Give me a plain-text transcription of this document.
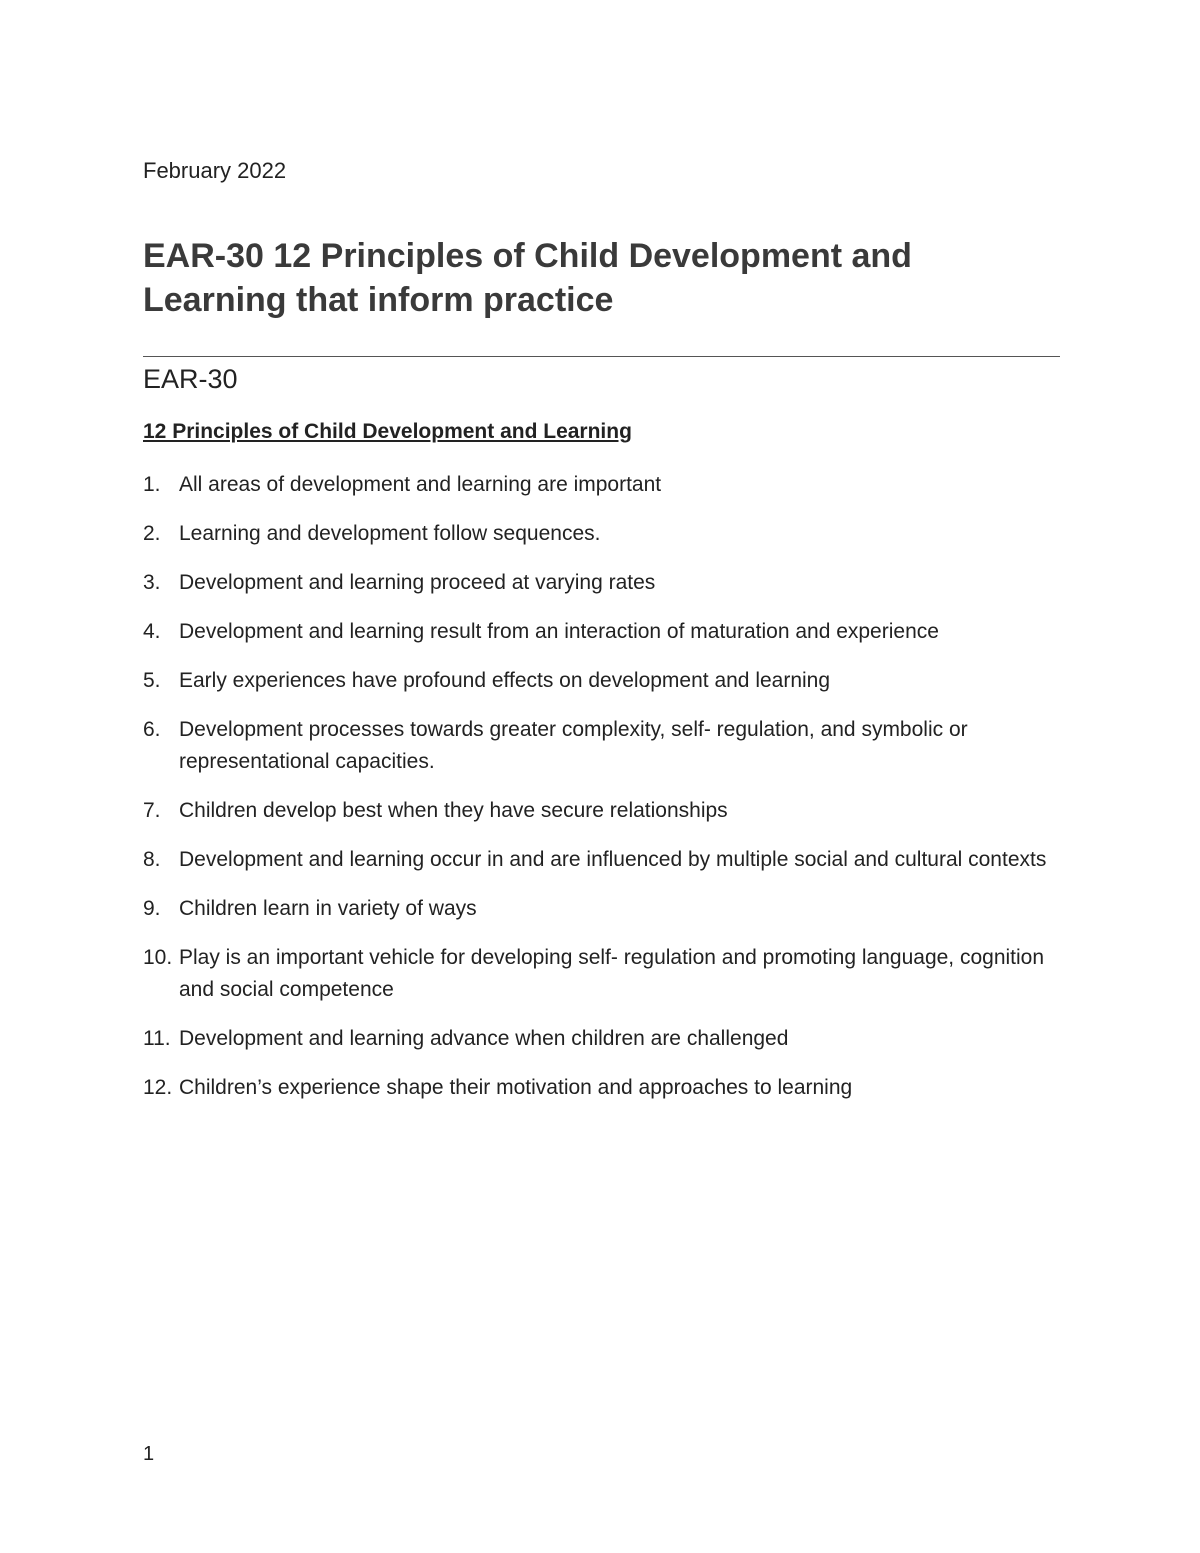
February 2022
EAR-30 12 Principles of Child Development and Learning that inform practice
EAR-30
12 Principles of Child Development and Learning
1. All areas of development and learning are important
2. Learning and development follow sequences.
3. Development and learning proceed at varying rates
4. Development and learning result from an interaction of maturation and experience
5. Early experiences have profound effects on development and learning
6. Development processes towards greater complexity, self- regulation, and symbolic or representational capacities.
7. Children develop best when they have secure relationships
8. Development and learning occur in and are influenced by multiple social and cultural contexts
9. Children learn in variety of ways
10. Play is an important vehicle for developing self- regulation and promoting language, cognition and social competence
11. Development and learning advance when children are challenged
12. Children’s experience shape their motivation and approaches to learning
1
